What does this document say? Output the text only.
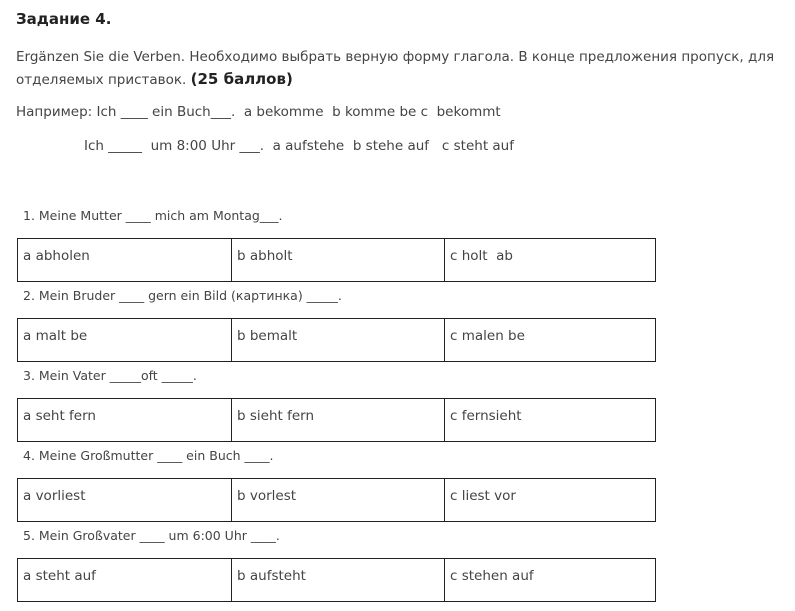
Задание 4.
Ergänzen Sie die Verben. Необходимо выбрать верную форму глагола. В конце предложения пропуск, для отделяемых приставок. (25 баллов)
Например: Ich ____ ein Buch___.  a bekomme  b komme be c  bekommt
Ich _____  um 8:00 Uhr ___.  a aufstehe  b stehe auf   c steht auf
1. Meine Mutter ____ mich am Montag___.
a abholen	b abholt	c holt  ab
2. Mein Bruder ____ gern ein Bild (картинка) _____.
a malt be	b bemalt	c malen be
3. Mein Vater _____oft _____.
a seht fern	b sieht fern	c fernsieht
4. Meine Großmutter ____ ein Buch ____.
a vorliest	b vorlest	c liest vor
5. Mein Großvater ____ um 6:00 Uhr ____.
a steht auf	b aufsteht	c stehen auf
